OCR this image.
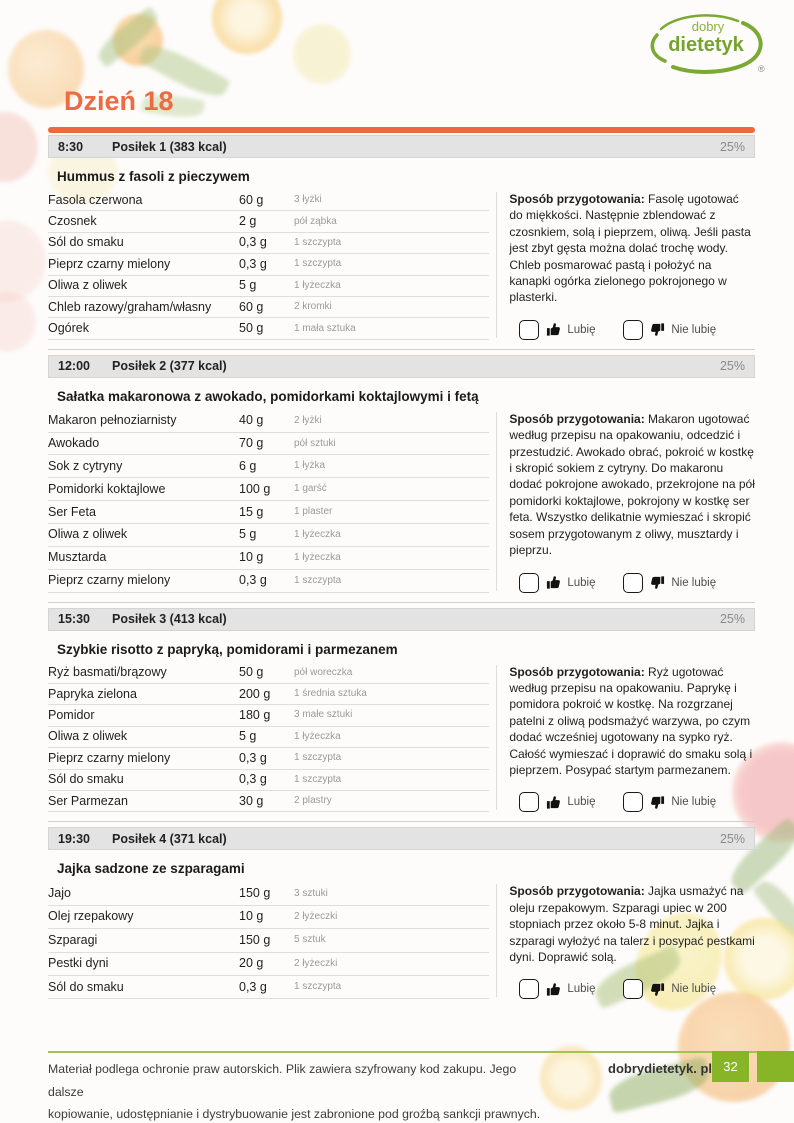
dobry
dietetyk
®
Dzień 18
8:30	Posiłek 1 (383 kcal)	25%
Hummus z fasoli z pieczywem
Fasola czerwona	60 g	3 łyżki
Czosnek	2 g	pół ząbka
Sól do smaku	0,3 g	1 szczypta
Pieprz czarny mielony	0,3 g	1 szczypta
Oliwa z oliwek	5 g	1 łyżeczka
Chleb razowy/graham/własny	60 g	2 kromki
Ogórek	50 g	1 mała sztuka

Sposób przygotowania: Fasolę ugotować do miękkości. Następnie zblendować z czosnkiem, solą i pieprzem, oliwą. Jeśli pasta jest zbyt gęsta można dolać trochę wody. Chleb posmarować pastą i położyć na kanapki ogórka zielonego pokrojonego w plasterki.

Lubię	Nie lubię
12:00	Posiłek 2 (377 kcal)	25%
Sałatka makaronowa z awokado, pomidorkami koktajlowymi i fetą
Makaron pełnoziarnisty	40 g	2 łyżki
Awokado	70 g	pół sztuki
Sok z cytryny	6 g	1 łyżka
Pomidorki koktajlowe	100 g	1 garść
Ser Feta	15 g	1 plaster
Oliwa z oliwek	5 g	1 łyżeczka
Musztarda	10 g	1 łyżeczka
Pieprz czarny mielony	0,3 g	1 szczypta

Sposób przygotowania: Makaron ugotować według przepisu na opakowaniu, odcedzić i przestudzić. Awokado obrać, pokroić w kostkę i skropić sokiem z cytryny. Do makaronu dodać pokrojone awokado, przekrojone na pół pomidorki koktajlowe, pokrojony w kostkę ser feta. Wszystko delikatnie wymieszać i skropić sosem przygotowanym z oliwy, musztardy i pieprzu.

Lubię	Nie lubię
15:30	Posiłek 3 (413 kcal)	25%
Szybkie risotto z papryką, pomidorami i parmezanem
Ryż basmati/brązowy	50 g	pół woreczka
Papryka zielona	200 g	1 średnia sztuka
Pomidor	180 g	3 małe sztuki
Oliwa z oliwek	5 g	1 łyżeczka
Pieprz czarny mielony	0,3 g	1 szczypta
Sól do smaku	0,3 g	1 szczypta
Ser Parmezan	30 g	2 plastry

Sposób przygotowania: Ryż ugotować według przepisu na opakowaniu. Paprykę i pomidora pokroić w kostkę. Na rozgrzanej patelni z oliwą podsmażyć warzywa, po czym dodać wcześniej ugotowany na sypko ryż. Całość wymieszać i doprawić do smaku solą i pieprzem. Posypać startym parmezanem.

Lubię	Nie lubię
19:30	Posiłek 4 (371 kcal)	25%
Jajka sadzone ze szparagami
Jajo	150 g	3 sztuki
Olej rzepakowy	10 g	2 łyżeczki
Szparagi	150 g	5 sztuk
Pestki dyni	20 g	2 łyżeczki
Sól do smaku	0,3 g	1 szczypta

Sposób przygotowania: Jajka usmażyć na oleju rzepakowym. Szparagi upiec w 200 stopniach przez około 5-8 minut. Jajka i szparagi wyłożyć na talerz i posypać pestkami dyni. Doprawić solą.

Lubię	Nie lubię

Materiał podlega ochronie praw autorskich. Plik zawiera szyfrowany kod zakupu. Jego dalsze
kopiowanie, udostępnianie i dystrybuowanie jest zabronione pod groźbą sankcji prawnych.

dobrydietetyk. pl 32
